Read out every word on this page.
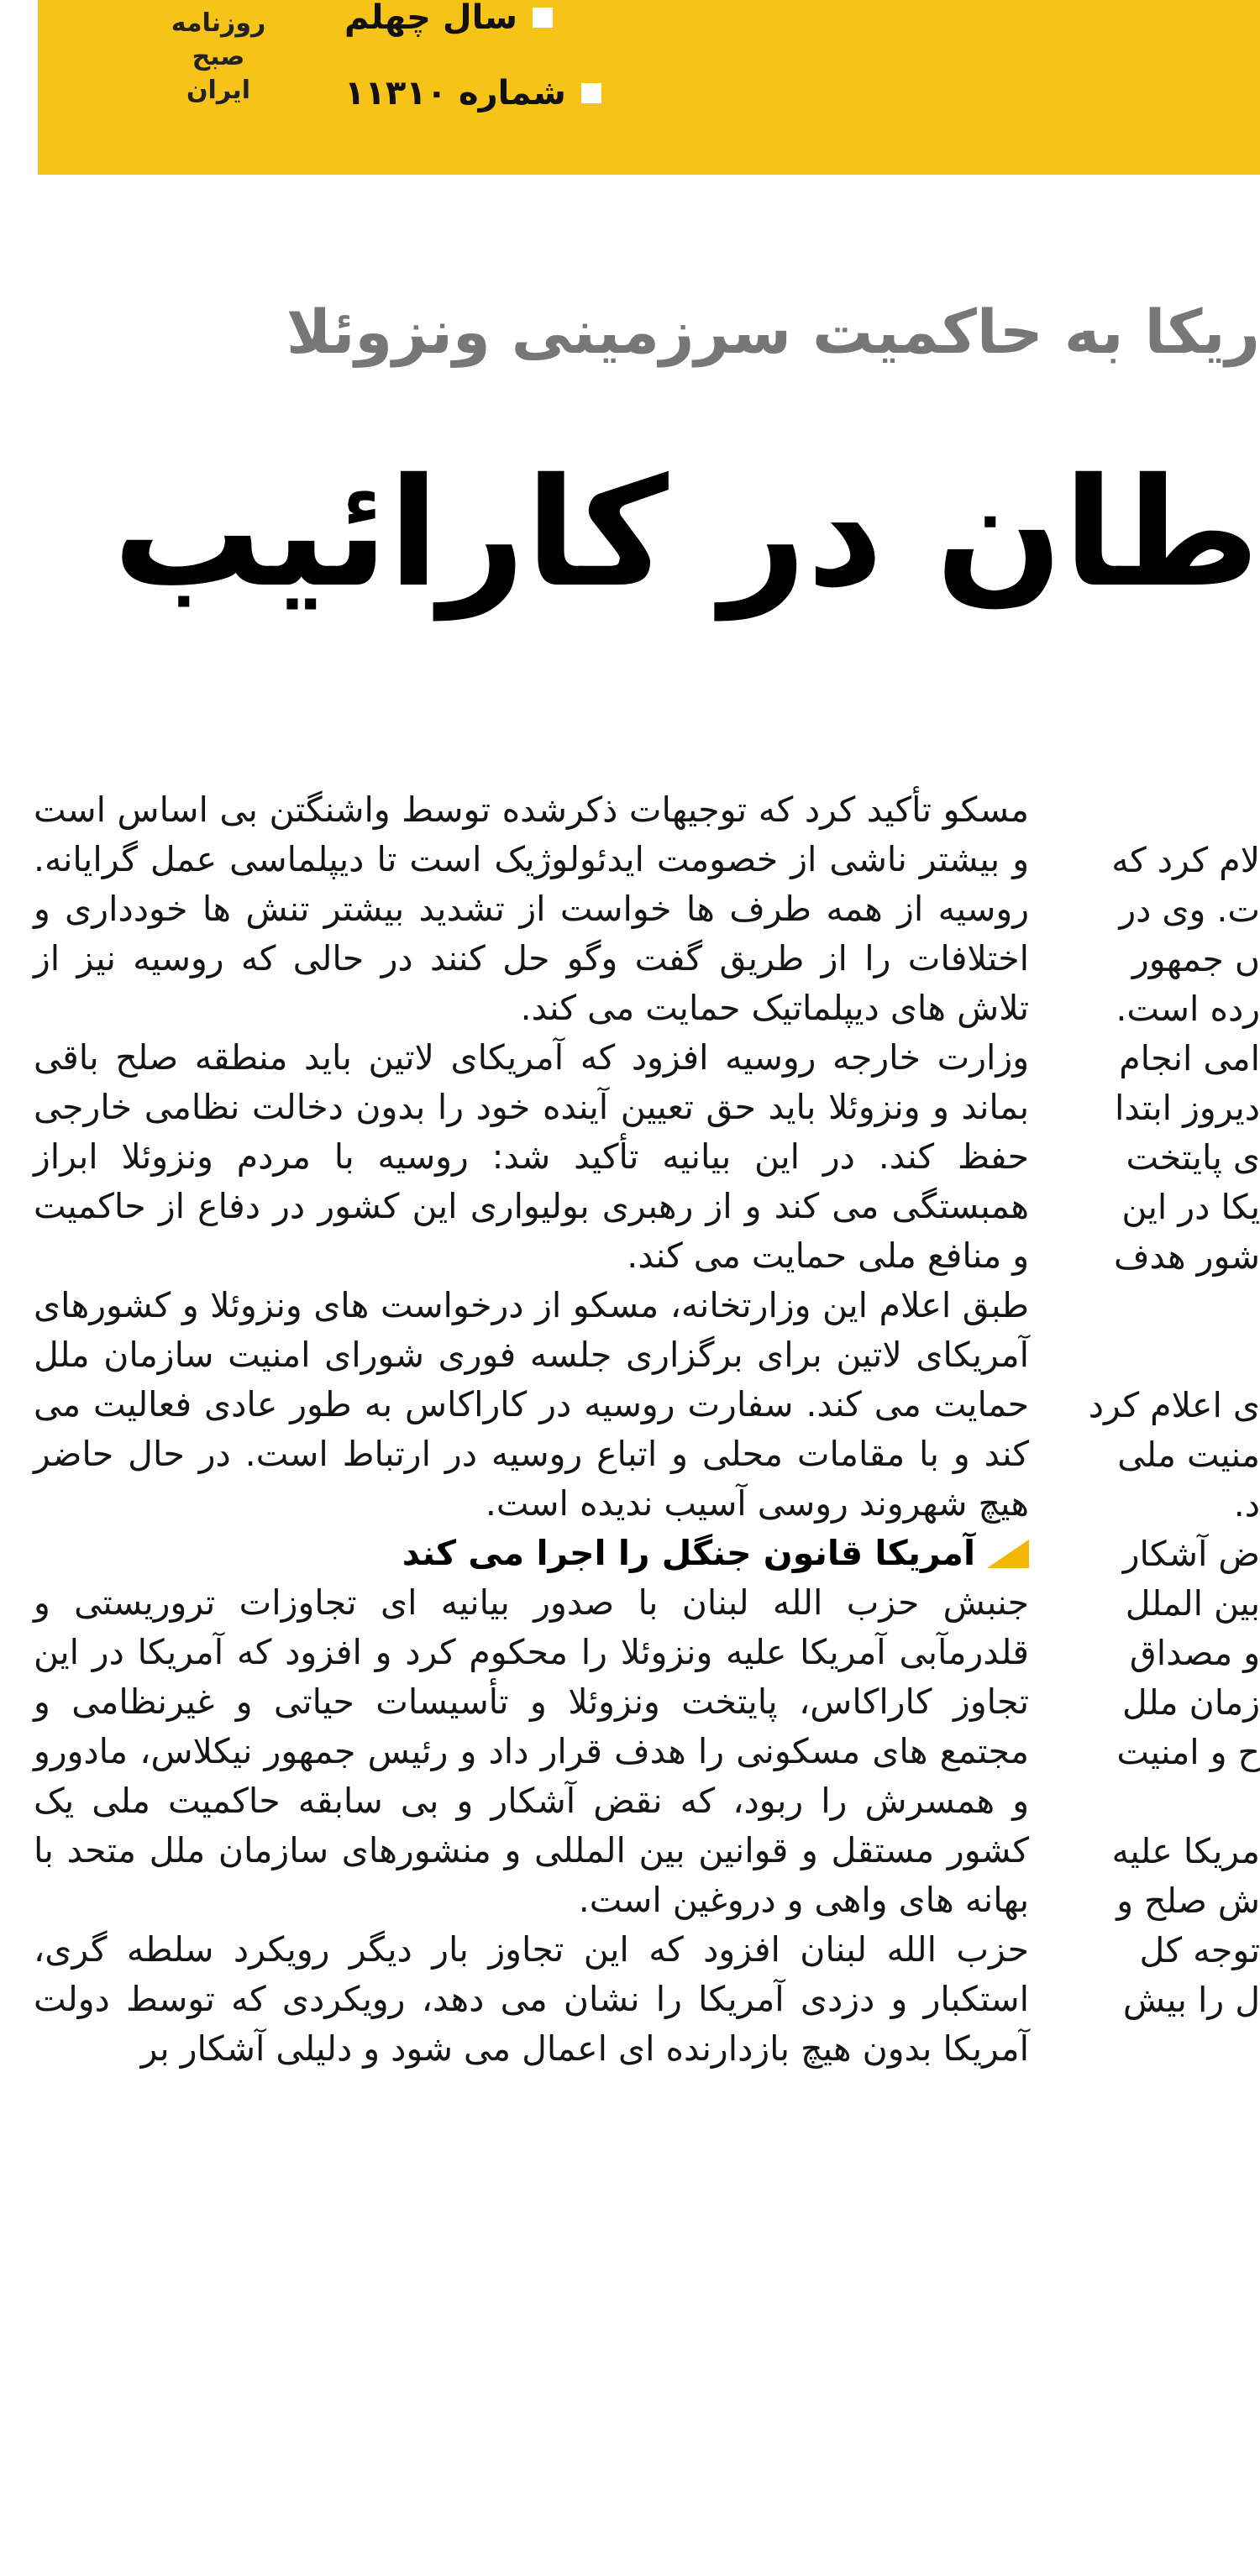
روزنامه
صبح
ایران
سال چهلم
شماره ۱۱۳۱۰
ریکا به حاکمیت سرزمینی ونزوئلا
طان در کارائیب

مسکو تأکید کرد که توجیهات ذکرشده توسط واشنگتن بی اساس است و بیشتر ناشی از خصومت ایدئولوژیک است تا دیپلماسی عمل گرایانه. روسیه از همه طرف ها خواست از تشدید بیشتر تنش ها خودداری و اختلافات را از طریق گفت وگو حل کنند در حالی که روسیه نیز از تلاش های دیپلماتیک حمایت می کند.

وزارت خارجه روسیه افزود که آمریکای لاتین باید منطقه صلح باقی بماند و ونزوئلا باید حق تعیین آینده خود را بدون دخالت نظامی خارجی حفظ کند. در این بیانیه تأکید شد: روسیه با مردم ونزوئلا ابراز همبستگی می کند و از رهبری بولیواری این کشور در دفاع از حاکمیت و منافع ملی حمایت می کند.

طبق اعلام این وزارتخانه، مسکو از درخواست های ونزوئلا و کشورهای آمریکای لاتین برای برگزاری جلسه فوری شورای امنیت سازمان ملل حمایت می کند. سفارت روسیه در کاراکاس به طور عادی فعالیت می کند و با مقامات محلی و اتباع روسیه در ارتباط است. در حال حاضر هیچ شهروند روسی آسیب ندیده است.

آمریکا قانون جنگل را اجرا می کند

جنبش حزب الله لبنان با صدور بیانیه ای تجاوزات تروریستی و قلدرمآبی آمریکا علیه ونزوئلا را محکوم کرد و افزود که آمریکا در این تجاوز کاراکاس، پایتخت ونزوئلا و تأسیسات حیاتی و غیرنظامی و مجتمع های مسکونی را هدف قرار داد و رئیس جمهور نیکلاس، مادورو و همسرش را ربود، که نقض آشکار و بی سابقه حاکمیت ملی یک کشور مستقل و قوانین بین المللی و منشورهای سازمان ملل متحد با بهانه های واهی و دروغین است.

حزب الله لبنان افزود که این تجاوز بار دیگر رویکرد سلطه گری، استکبار و دزدی آمریکا را نشان می دهد، رویکردی که توسط دولت آمریکا بدون هیچ بازدارنده ای اعمال می شود و دلیلی آشکار بر

لام کرد که
ت. وی در
ں جمهور
رده است.
امی انجام
دیروز ابتدا
ی پایتخت
یکا در این
شور هدف
ی اعلام کرد
منیت ملی
د.
ض آشکار
بین الملل
و مصداق
زمان ملل
ح و امنیت
مریکا علیه
ش صلح و
توجه کل
ل را بیش
